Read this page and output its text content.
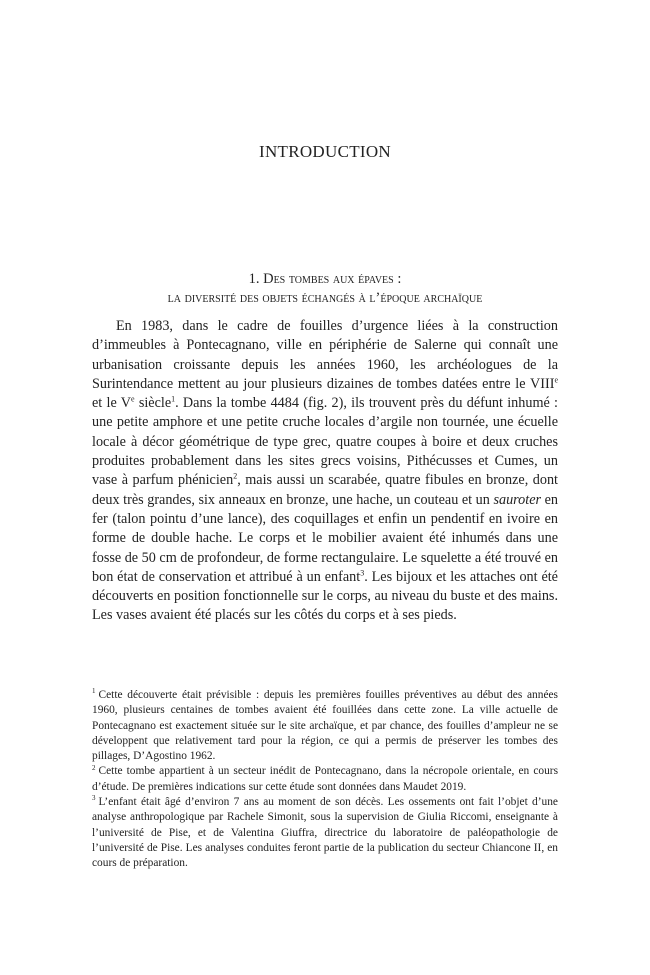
INTRODUCTION
1. Des tombes aux épaves :
la diversité des objets échangés à l’époque archaïque

En 1983, dans le cadre de fouilles d’urgence liées à la construction d’immeubles à Pontecagnano, ville en périphérie de Salerne qui connaît une urbanisation croissante depuis les années 1960, les archéologues de la Surintendance mettent au jour plusieurs dizaines de tombes datées entre le VIIIe et le Ve siècle$^1$. Dans la tombe 4484 (fig. 2), ils trouvent près du défunt inhumé : une petite amphore et une petite cruche locales d’argile non tournée, une écuelle locale à décor géométrique de type grec, quatre coupes à boire et deux cruches produites probablement dans les sites grecs voisins, Pithécusses et Cumes, un vase à parfum phénicien$^2$, mais aussi un scarabée, quatre fibules en bronze, dont deux très grandes, six anneaux en bronze, une hache, un couteau et un sauroter en fer (talon pointu d’une lance), des coquillages et enfin un pendentif en ivoire en forme de double hache. Le corps et le mobilier avaient été inhumés dans une fosse de 50 cm de profondeur, de forme rectangulaire. Le squelette a été trouvé en bon état de conservation et attribué à un enfant$^3$. Les bijoux et les attaches ont été découverts en position fonctionnelle sur le corps, au niveau du buste et des mains. Les vases avaient été placés sur les côtés du corps et à ses pieds.

$^1$ Cette découverte était prévisible : depuis les premières fouilles préventives au début des années 1960, plusieurs centaines de tombes avaient été fouillées dans cette zone. La ville actuelle de Pontecagnano est exactement située sur le site archaïque, et par chance, des fouilles d’ampleur ne se développent que relativement tard pour la région, ce qui a permis de préserver les tombes des pillages, D’Agostino 1962.

$^2$ Cette tombe appartient à un secteur inédit de Pontecagnano, dans la nécropole orientale, en cours d’étude. De premières indications sur cette étude sont données dans Maudet 2019.

$^3$ L’enfant était âgé d’environ 7 ans au moment de son décès. Les ossements ont fait l’objet d’une analyse anthropologique par Rachele Simonit, sous la supervision de Giulia Riccomi, enseignante à l’université de Pise, et de Valentina Giuffra, directrice du laboratoire de paléopathologie de l’université de Pise. Les analyses conduites feront partie de la publication du secteur Chiancone II, en cours de préparation.
